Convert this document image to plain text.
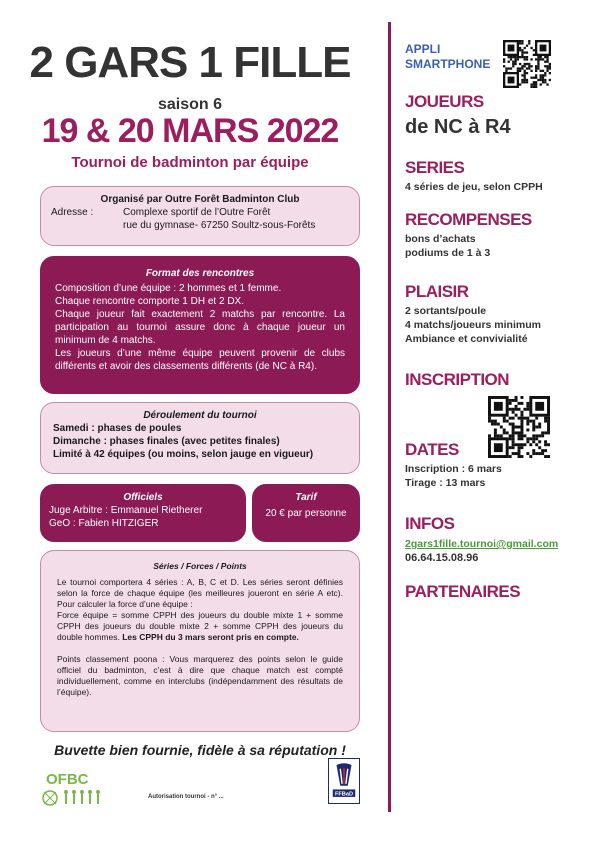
2 GARS 1 FILLE
saison 6
19 & 20 MARS 2022
Tournoi de badminton par équipe
Organisé par Outre Forêt Badminton Club
Adresse :	Complexe sportif de l’Outre Forêt
rue du gymnase- 67250 Soultz-sous-Forêts
Format des rencontres
Composition d’une équipe : 2 hommes et 1 femme.
Chaque rencontre comporte 1 DH et 2 DX.
Chaque joueur fait exactement 2 matchs par rencontre. La participation au tournoi assure donc à chaque joueur un minimum de 4 matchs.
Les joueurs d’une même équipe peuvent provenir de clubs différents et avoir des classements différents (de NC à R4).
Déroulement du tournoi
Samedi : phases de poules
Dimanche : phases finales (avec petites finales)
Limité à 42 équipes (ou moins, selon jauge en vigueur)
Officiels
Juge Arbitre : Emmanuel Rietherer
GeO : Fabien HITZIGER
Tarif
20 € par personne
Séries / Forces / Points

Le tournoi comportera 4 séries : A, B, C et D. Les séries seront définies selon la force de chaque équipe (les meilleures joueront en série A etc). Pour calculer la force d’une équipe :

Force équipe = somme CPPH des joueurs du double mixte 1 + somme CPPH des joueurs du double mixte 2 + somme CPPH des joueurs du double hommes. Les CPPH du 3 mars seront pris en compte.

Points classement poona : Vous marquerez des points selon le guide officiel du badminton, c’est à dire que chaque match est compté individuellement, comme en interclubs (indépendamment des résultats de l’équipe).

Buvette bien fournie, fidèle à sa réputation !
OFBC
Autorisation tournoi - n° ...	FFBaD
APPLI
SMARTPHONE
JOUEURS
de NC à R4
SERIES
4 séries de jeu, selon CPPH
RECOMPENSES
bons d’achats
podiums de 1 à 3
PLAISIR
2 sortants/poule
4 matchs/joueurs minimum
Ambiance et convivialité
INSCRIPTION
DATES
Inscription : 6 mars
Tirage : 13 mars
INFOS
2gars1fille.tournoi@gmail.com
06.64.15.08.96
PARTENAIRES
